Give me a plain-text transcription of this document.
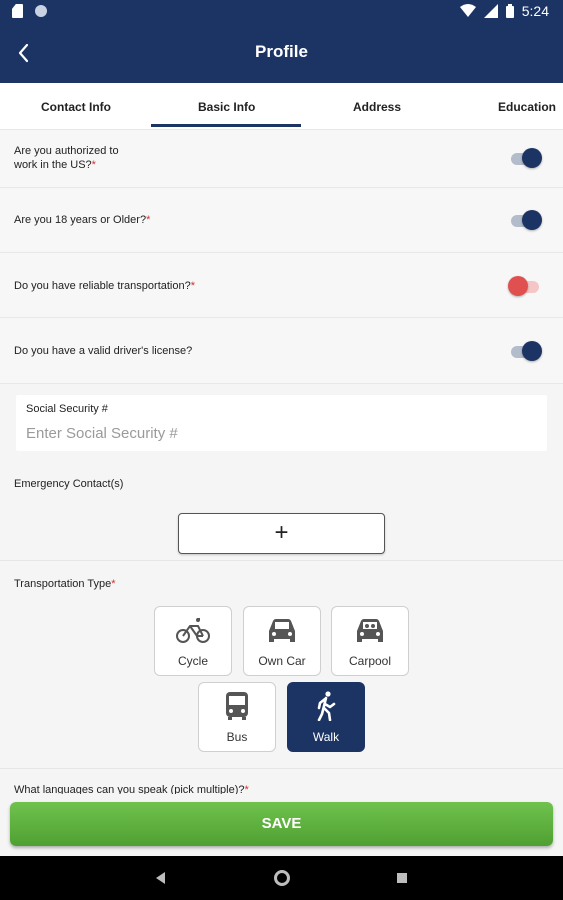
5:24
Profile
Contact Info	Basic Info	Address	Education
Are you authorized to
work in the US?*
Are you 18 years or Older?*
Do you have reliable transportation?*
Do you have a valid driver's license?
Social Security #
Enter Social Security #
Emergency Contact(s)
+
Transportation Type*
Cycle	Own Car	Carpool
Bus	Walk
What languages can you speak (pick multiple)?*
SAVE
